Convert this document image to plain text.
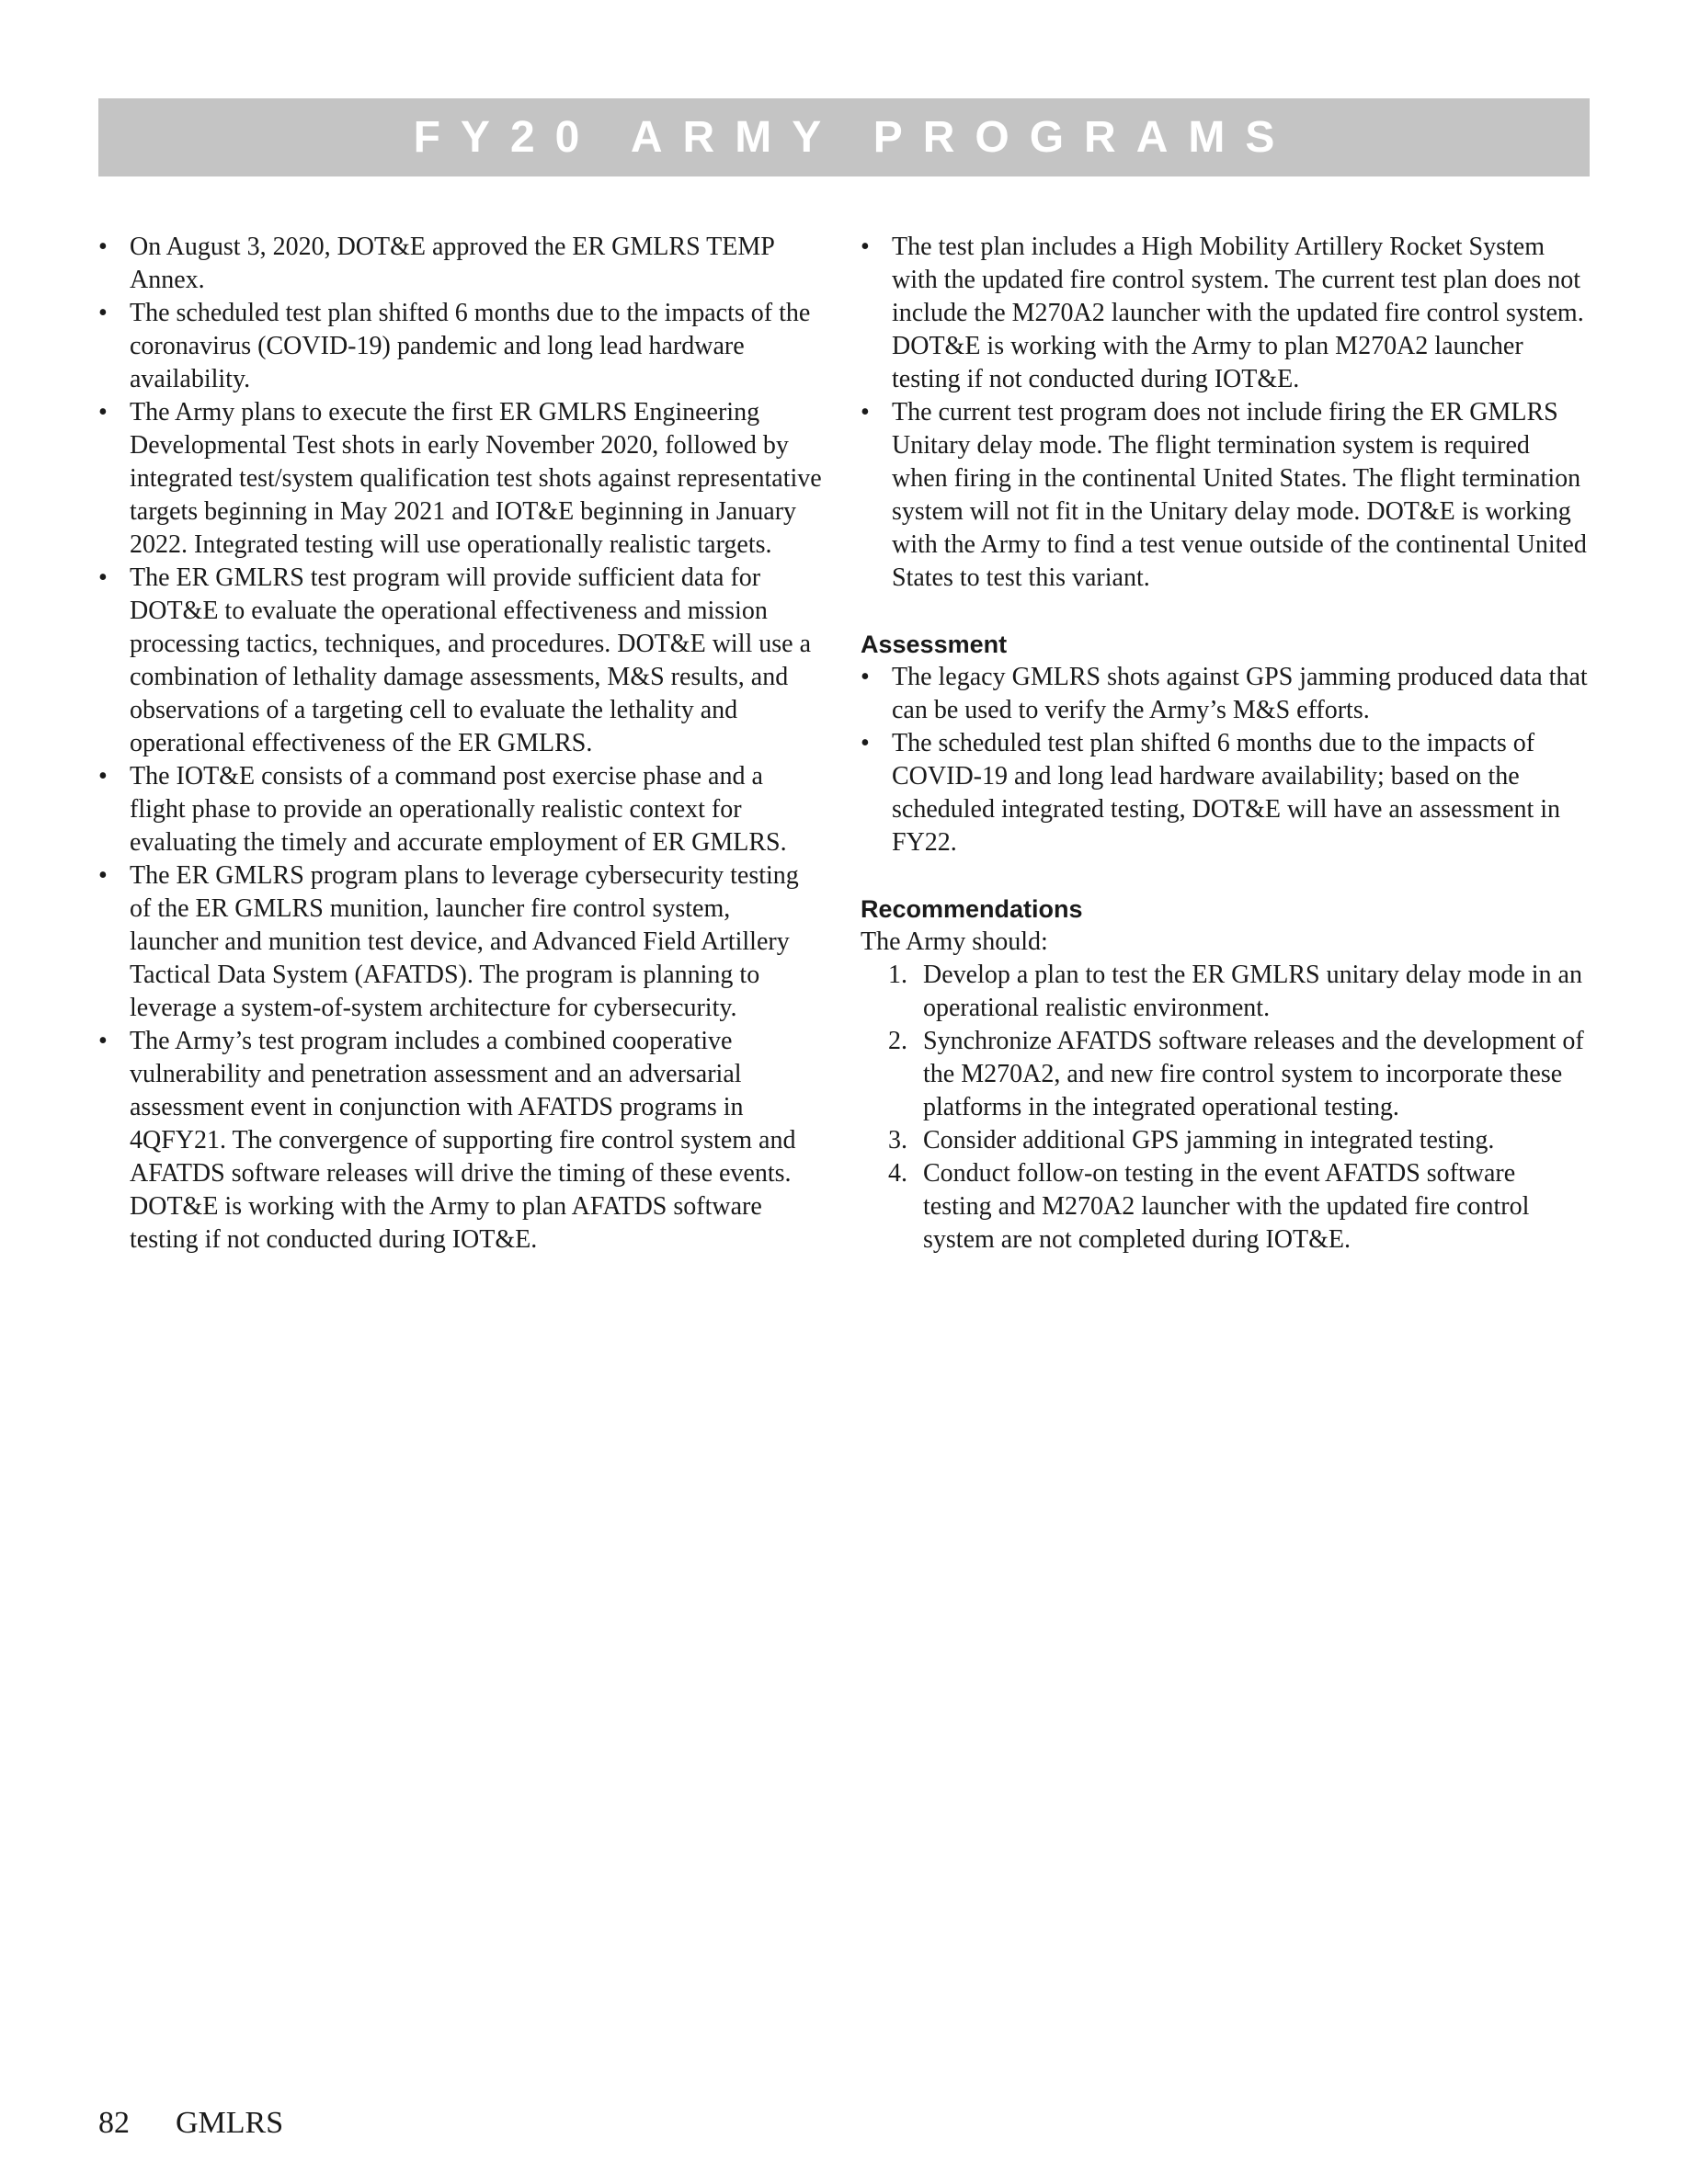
FY20 ARMY PROGRAMS
• On August 3, 2020, DOT&E approved the ER GMLRS TEMP Annex.
• The scheduled test plan shifted 6 months due to the impacts of the coronavirus (COVID-19) pandemic and long lead hardware availability.
• The Army plans to execute the first ER GMLRS Engineering Developmental Test shots in early November 2020, followed by integrated test/system qualification test shots against representative targets beginning in May 2021 and IOT&E beginning in January 2022. Integrated testing will use operationally realistic targets.
• The ER GMLRS test program will provide sufficient data for DOT&E to evaluate the operational effectiveness and mission processing tactics, techniques, and procedures. DOT&E will use a combination of lethality damage assessments, M&S results, and observations of a targeting cell to evaluate the lethality and operational effectiveness of the ER GMLRS.
• The IOT&E consists of a command post exercise phase and a flight phase to provide an operationally realistic context for evaluating the timely and accurate employment of ER GMLRS.
• The ER GMLRS program plans to leverage cybersecurity testing of the ER GMLRS munition, launcher fire control system, launcher and munition test device, and Advanced Field Artillery Tactical Data System (AFATDS). The program is planning to leverage a system-of-system architecture for cybersecurity.
• The Army’s test program includes a combined cooperative vulnerability and penetration assessment and an adversarial assessment event in conjunction with AFATDS programs in 4QFY21. The convergence of supporting fire control system and AFATDS software releases will drive the timing of these events. DOT&E is working with the Army to plan AFATDS software testing if not conducted during IOT&E.
• The test plan includes a High Mobility Artillery Rocket System with the updated fire control system. The current test plan does not include the M270A2 launcher with the updated fire control system. DOT&E is working with the Army to plan M270A2 launcher testing if not conducted during IOT&E.
• The current test program does not include firing the ER GMLRS Unitary delay mode. The flight termination system is required when firing in the continental United States. The flight termination system will not fit in the Unitary delay mode. DOT&E is working with the Army to find a test venue outside of the continental United States to test this variant.
Assessment
• The legacy GMLRS shots against GPS jamming produced data that can be used to verify the Army’s M&S efforts.
• The scheduled test plan shifted 6 months due to the impacts of COVID-19 and long lead hardware availability; based on the scheduled integrated testing, DOT&E will have an assessment in FY22.
Recommendations

The Army should:

1. Develop a plan to test the ER GMLRS unitary delay mode in an operational realistic environment.
2. Synchronize AFATDS software releases and the development of the M270A2, and new fire control system to incorporate these platforms in the integrated operational testing.
3. Consider additional GPS jamming in integrated testing.
4. Conduct follow-on testing in the event AFATDS software testing and M270A2 launcher with the updated fire control system are not completed during IOT&E.
82 GMLRS
